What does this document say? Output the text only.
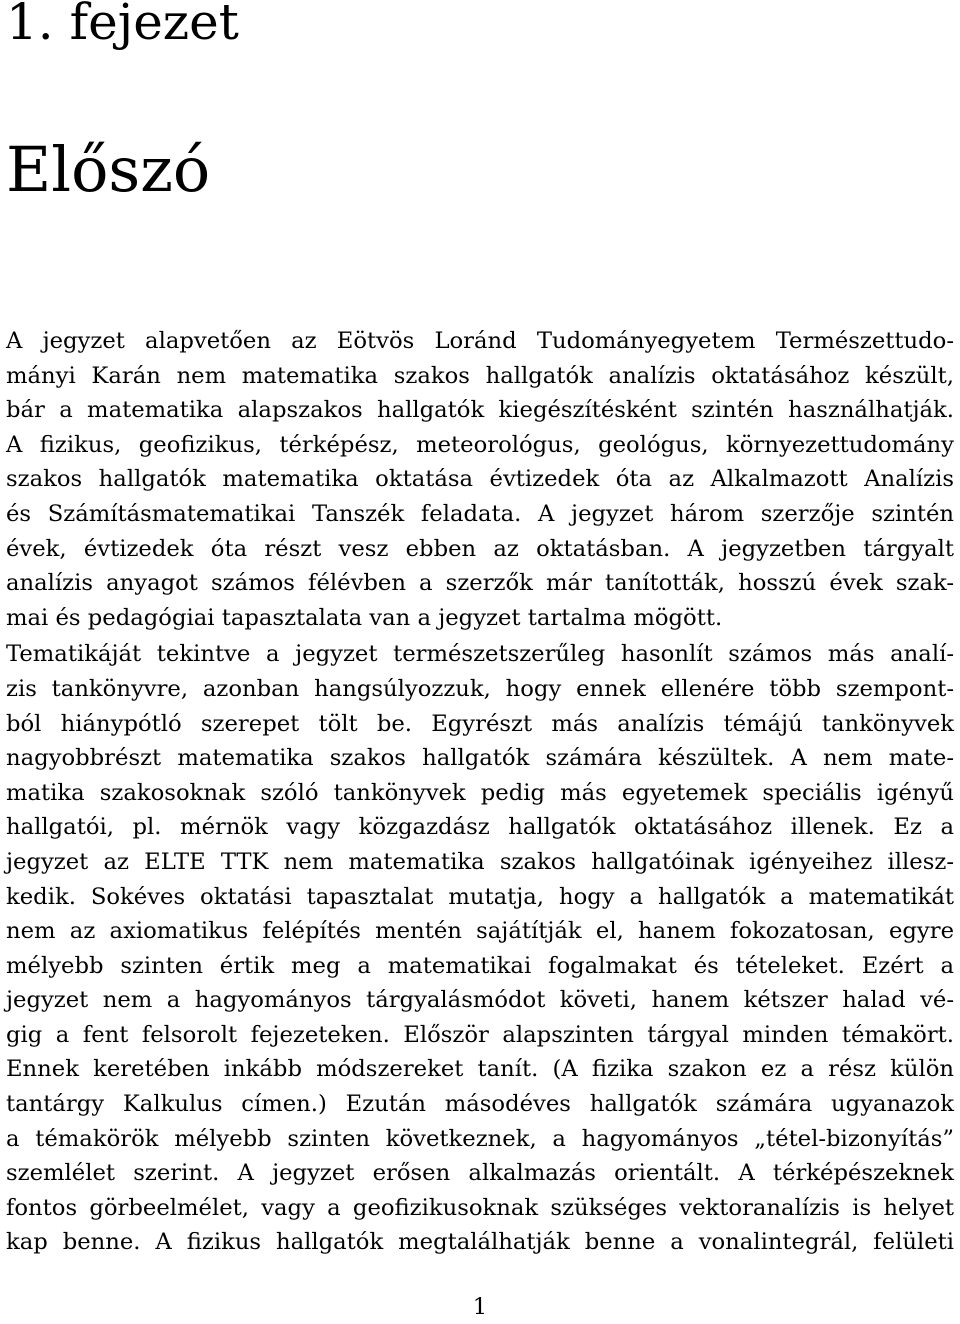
1. fejezet
Előszó

A jegyzet alapvetően az Eötvös Loránd Tudományegyetem Természettudo-

mányi Karán nem matematika szakos hallgatók analízis oktatásához készült,

bár a matematika alapszakos hallgatók kiegészítésként szintén használhatják.

A fizikus, geofizikus, térképész, meteorológus, geológus, környezettudomány

szakos hallgatók matematika oktatása évtizedek óta az Alkalmazott Analízis

és Számításmatematikai Tanszék feladata. A jegyzet három szerzője szintén

évek, évtizedek óta részt vesz ebben az oktatásban. A jegyzetben tárgyalt

analízis anyagot számos félévben a szerzők már tanították, hosszú évek szak-

mai és pedagógiai tapasztalata van a jegyzet tartalma mögött.

Tematikáját tekintve a jegyzet természetszerűleg hasonlít számos más analí-

zis tankönyvre, azonban hangsúlyozzuk, hogy ennek ellenére több szempont-

ból hiánypótló szerepet tölt be. Egyrészt más analízis témájú tankönyvek

nagyobbrészt matematika szakos hallgatók számára készültek. A nem mate-

matika szakosoknak szóló tankönyvek pedig más egyetemek speciális igényű

hallgatói, pl. mérnök vagy közgazdász hallgatók oktatásához illenek. Ez a

jegyzet az ELTE TTK nem matematika szakos hallgatóinak igényeihez illesz-

kedik. Sokéves oktatási tapasztalat mutatja, hogy a hallgatók a matematikát

nem az axiomatikus felépítés mentén sajátítják el, hanem fokozatosan, egyre

mélyebb szinten értik meg a matematikai fogalmakat és tételeket. Ezért a

jegyzet nem a hagyományos tárgyalásmódot követi, hanem kétszer halad vé-

gig a fent felsorolt fejezeteken. Először alapszinten tárgyal minden témakört.

Ennek keretében inkább módszereket tanít. (A fizika szakon ez a rész külön

tantárgy Kalkulus címen.) Ezután másodéves hallgatók számára ugyanazok

a témakörök mélyebb szinten következnek, a hagyományos „tétel-bizonyítás”

szemlélet szerint. A jegyzet erősen alkalmazás orientált. A térképészeknek

fontos görbeelmélet, vagy a geofizikusoknak szükséges vektoranalízis is helyet

kap benne. A fizikus hallgatók megtalálhatják benne a vonalintegrál, felületi

1
